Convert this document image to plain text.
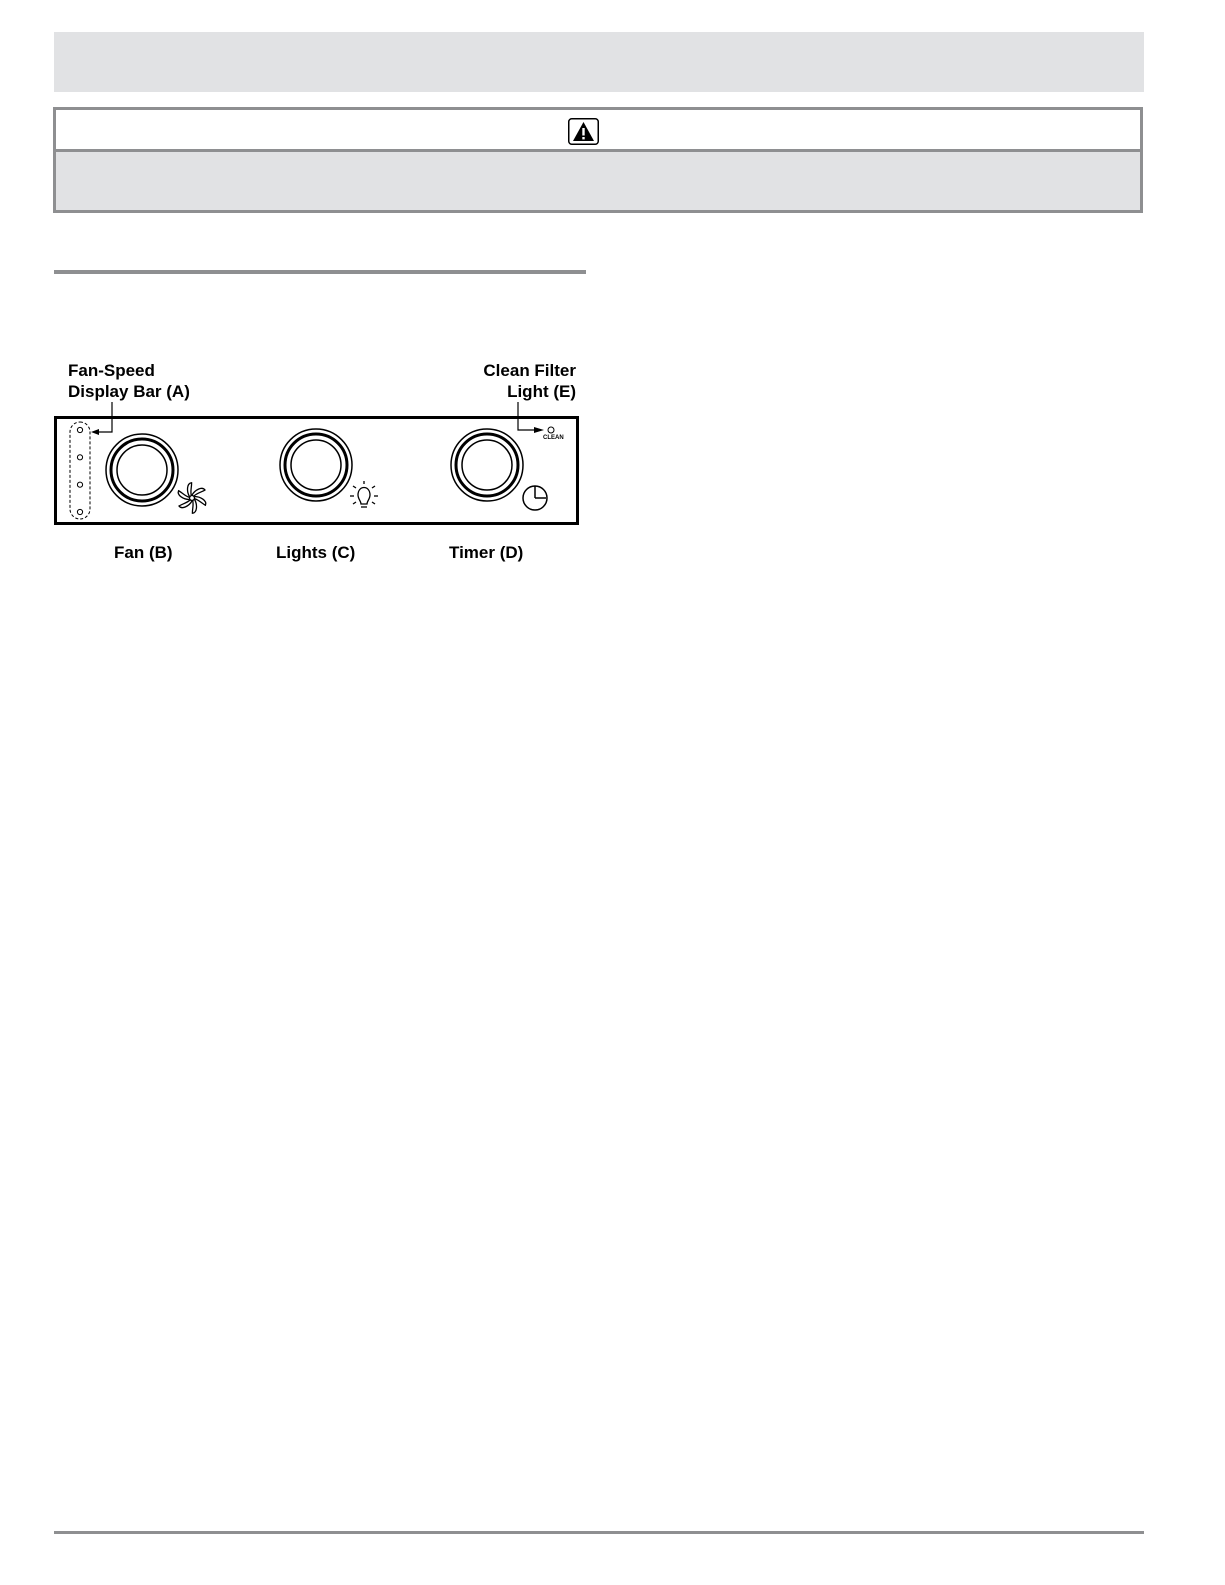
Fan-Speed
Display Bar (A)
Clean Filter
Light (E)
CLEAN
Fan (B)	Lights (C)	Timer (D)
